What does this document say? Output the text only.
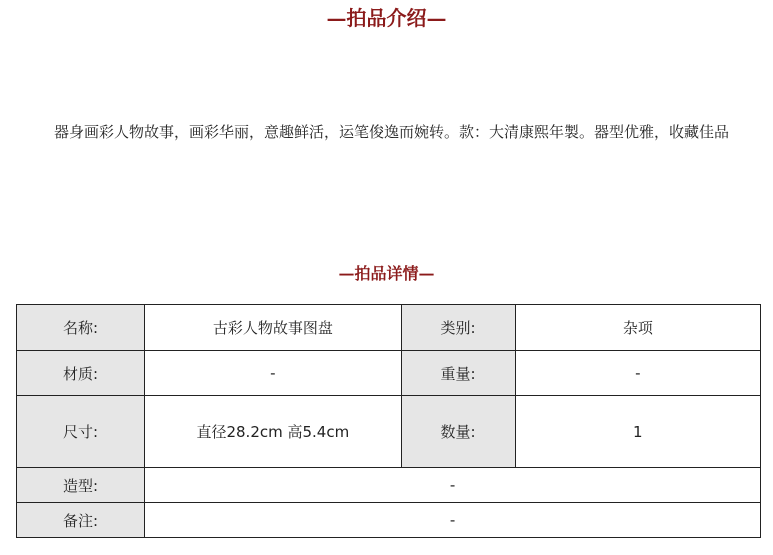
—拍品介绍—

器身画彩人物故事，画彩华丽，意趣鲜活，运笔俊逸而婉转。款：大清康熙年製。器型优雅，收藏佳品

—拍品详情—
名称:	古彩人物故事图盘	类别:	杂项
材质:	-	重量:	-
尺寸:	直径28.2cm 高5.4cm	数量:	1
造型:	-		
备注:	-		
